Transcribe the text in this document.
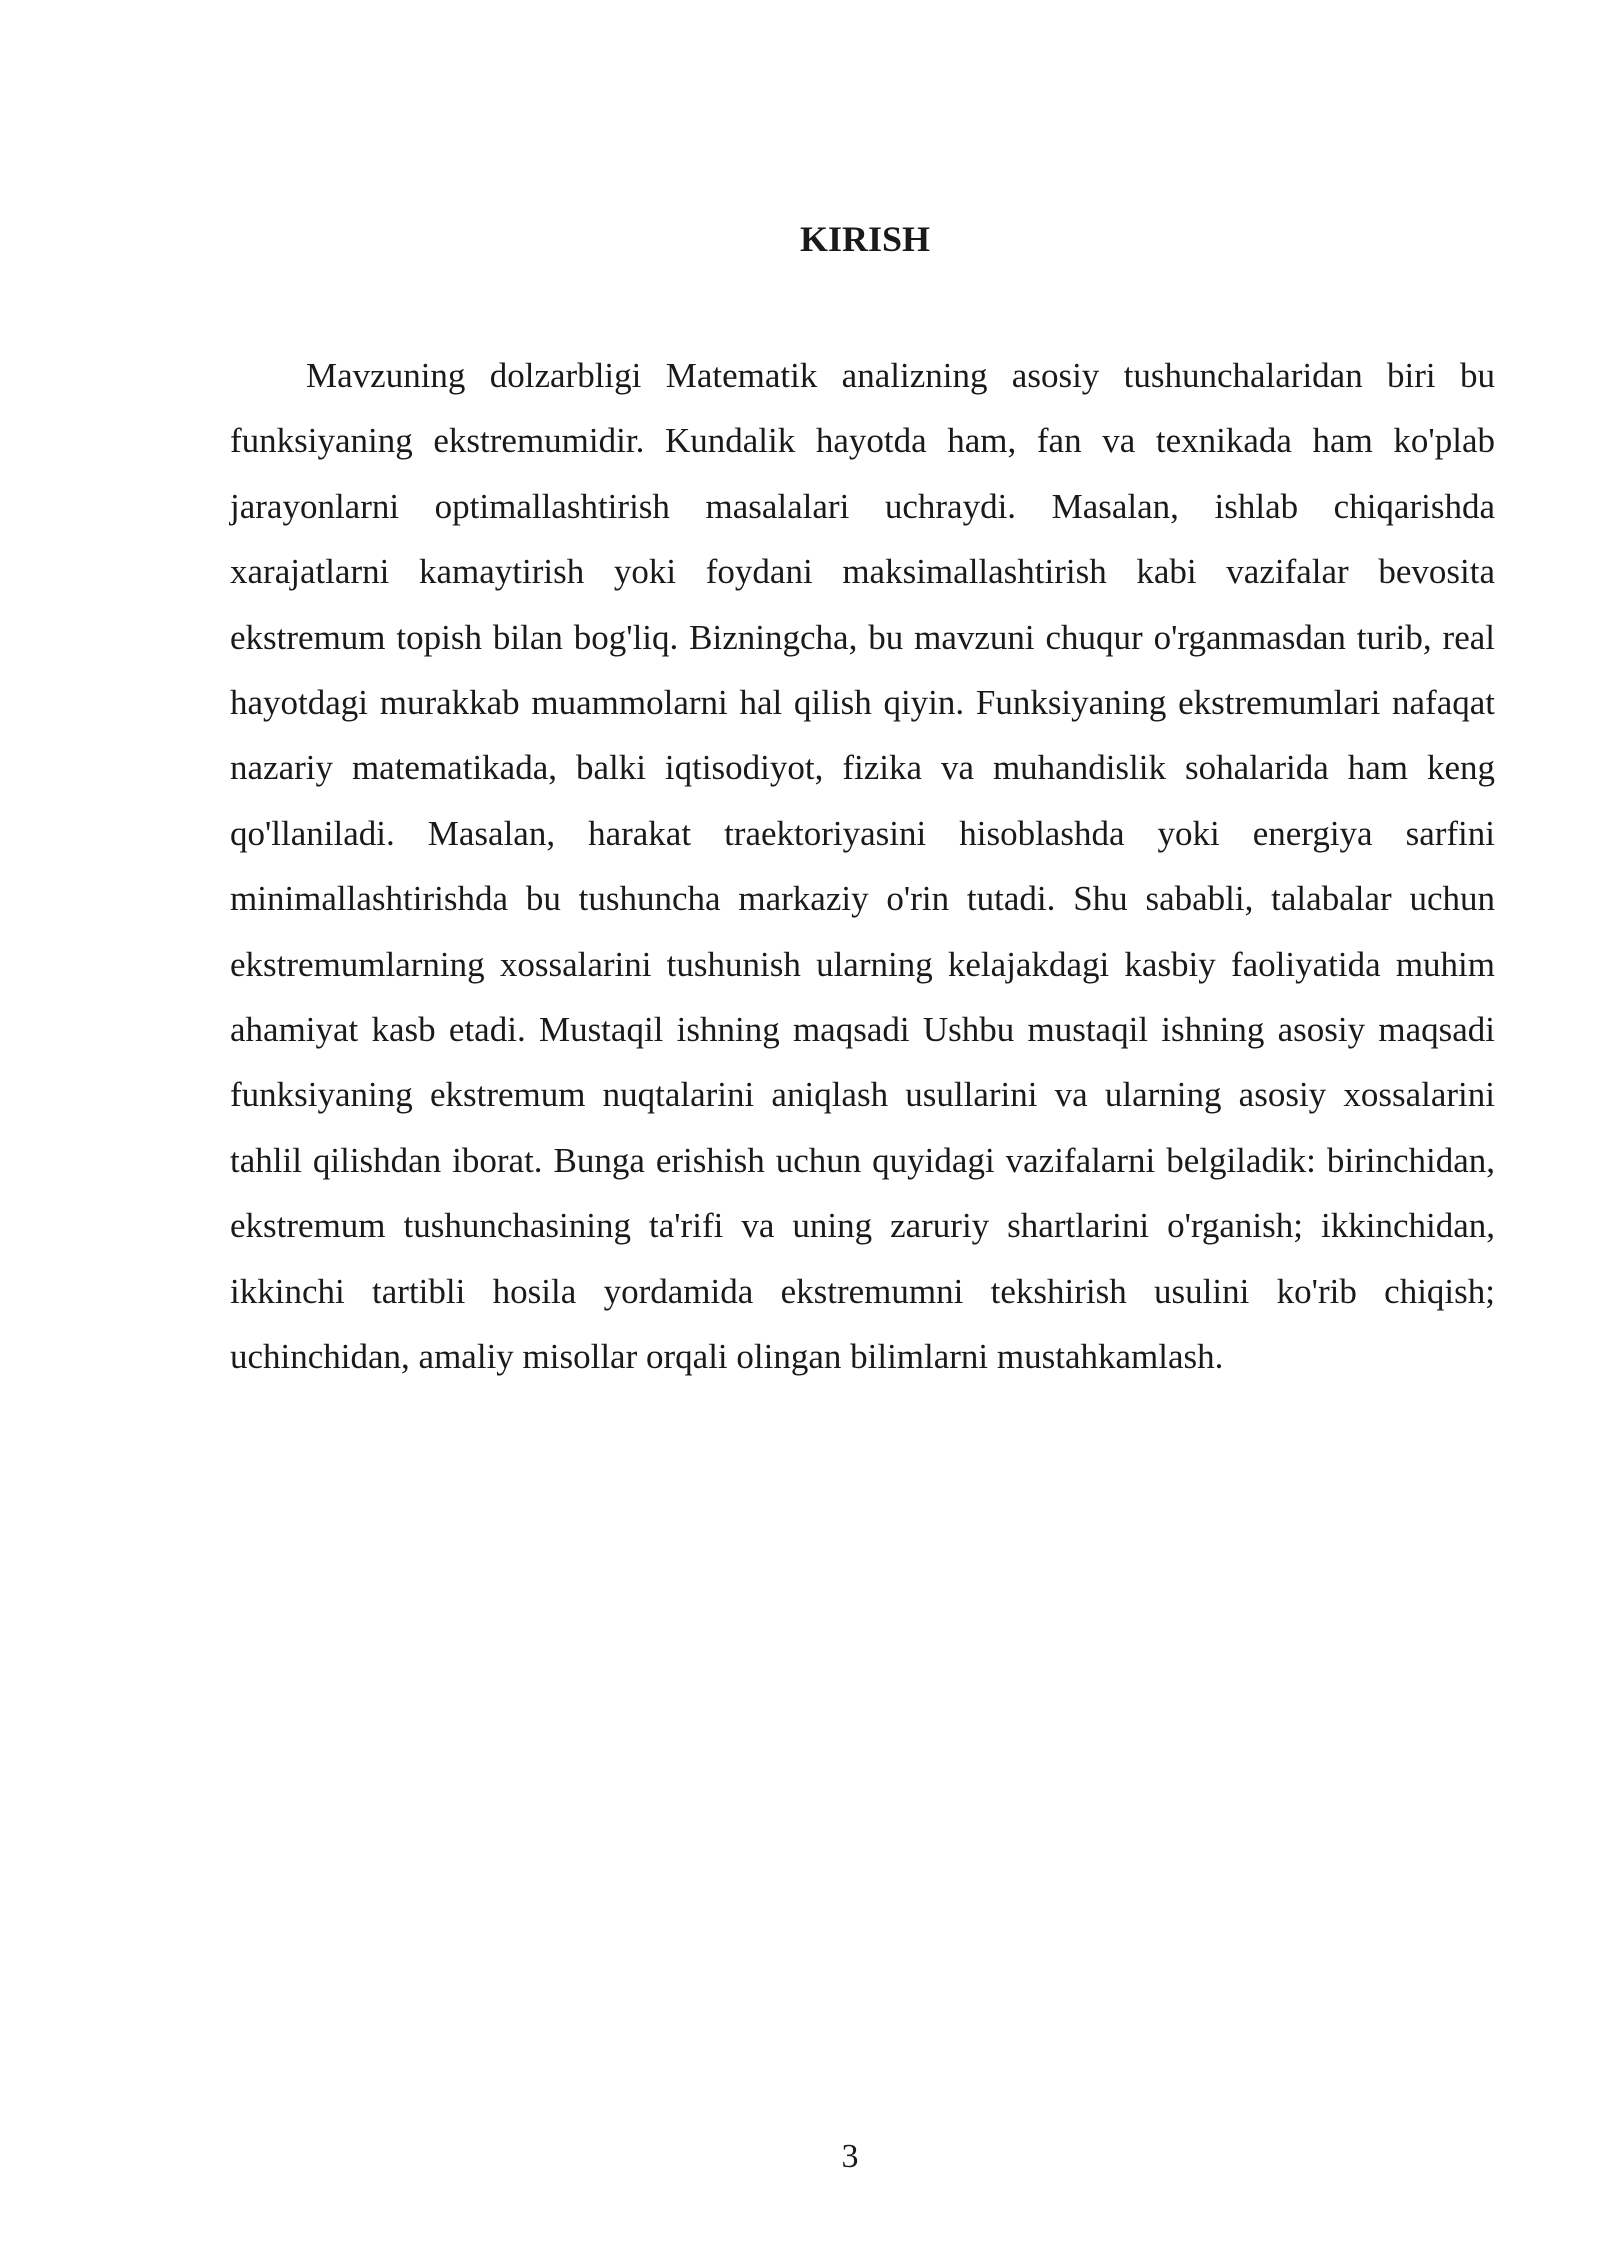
KIRISH

Mavzuning dolzarbligi Matematik analizning asosiy tushunchalaridan biri bu funksiyaning ekstremumidir. Kundalik hayotda ham, fan va texnikada ham ko'plab jarayonlarni optimallashtirish masalalari uchraydi. Masalan, ishlab chiqarishda xarajatlarni kamaytirish yoki foydani maksimallashtirish kabi vazifalar bevosita ekstremum topish bilan bog'liq. Bizningcha, bu mavzuni chuqur o'rganmasdan turib, real hayotdagi murakkab muammolarni hal qilish qiyin. Funksiyaning ekstremumlari nafaqat nazariy matematikada, balki iqtisodiyot, fizika va muhandislik sohalarida ham keng qo'llaniladi. Masalan, harakat traektoriyasini hisoblashda yoki energiya sarfini minimallashtirishda bu tushuncha markaziy o'rin tutadi. Shu sababli, talabalar uchun ekstremumlarning xossalarini tushunish ularning kelajakdagi kasbiy faoliyatida muhim ahamiyat kasb etadi. Mustaqil ishning maqsadi Ushbu mustaqil ishning asosiy maqsadi funksiyaning ekstremum nuqtalarini aniqlash usullarini va ularning asosiy xossalarini tahlil qilishdan iborat. Bunga erishish uchun quyidagi vazifalarni belgiladik: birinchidan, ekstremum tushunchasining ta'rifi va uning zaruriy shartlarini o'rganish; ikkinchidan, ikkinchi tartibli hosila yordamida ekstremumni tekshirish usulini ko'rib chiqish; uchinchidan, amaliy misollar orqali olingan bilimlarni mustahkamlash.

3
